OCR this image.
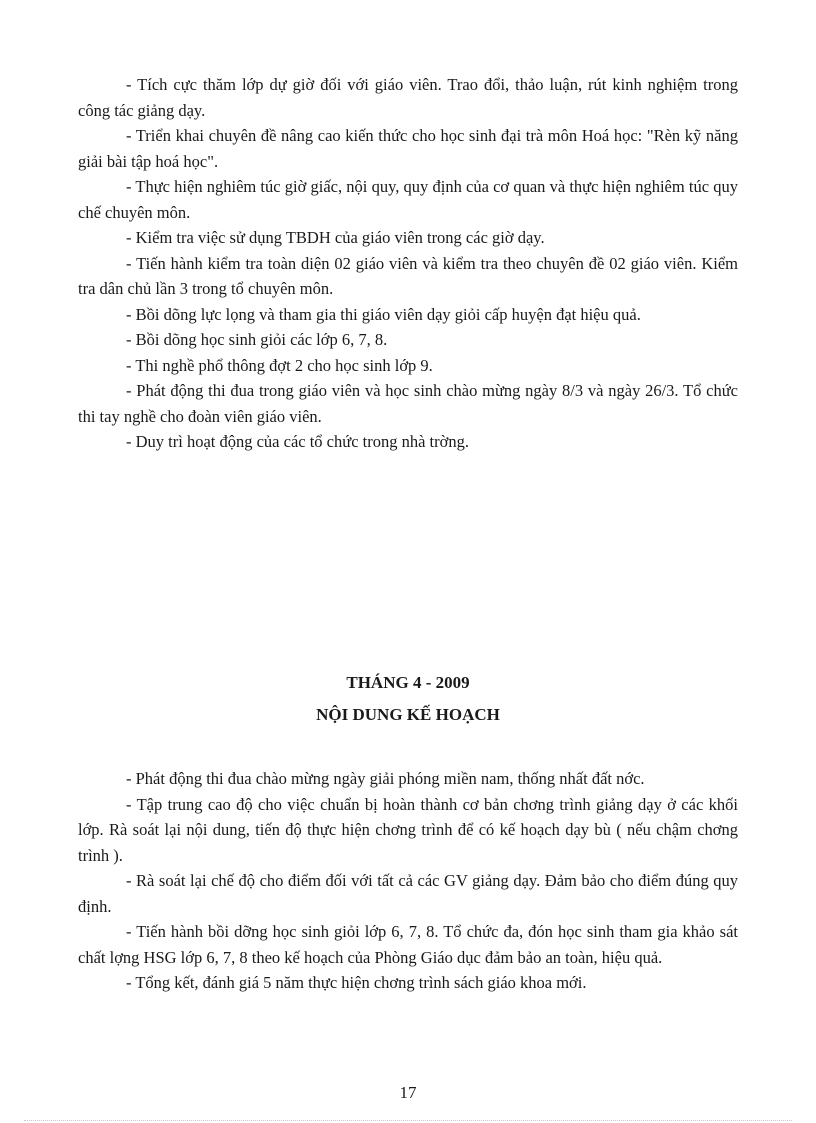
- Tích cực thăm lớp dự giờ đối với giáo viên. Trao đổi, thảo luận, rút kinh nghiệm trong công tác giảng dạy.

- Triển khai chuyên đề nâng cao kiến thức cho học sinh đại trà môn Hoá học: "Rèn kỹ năng giải bài tập hoá học".

- Thực hiện nghiêm túc giờ giấc, nội quy, quy định của cơ quan và thực hiện nghiêm túc quy chế chuyên môn.

- Kiểm tra việc sử dụng TBDH của giáo viên trong các giờ dạy.

- Tiến hành kiểm tra toàn diện 02 giáo viên và kiểm tra theo chuyên đề 02 giáo viên. Kiểm tra dân chủ lần 3 trong tổ chuyên môn.

- Bồi dõng lực lọng và tham gia thi giáo viên dạy giỏi cấp huyện đạt hiệu quả.

- Bồi dõng học sinh giỏi các lớp 6, 7, 8.

- Thi nghề phổ thông đợt 2 cho học sinh lớp 9.

- Phát động thi đua trong giáo viên và học sinh chào mừng ngày 8/3 và ngày 26/3. Tổ chức thi tay nghề cho đoàn viên giáo viên.

- Duy trì hoạt động của các tổ chức trong nhà trờng.

THÁNG 4 - 2009
NỘI DUNG KẾ HOẠCH

- Phát động thi đua chào mừng ngày giải phóng miền nam, thống nhất đất nớc.

- Tập trung cao độ cho việc chuẩn bị hoàn thành cơ bản chơng trình giảng dạy ở các khối lớp. Rà soát lại nội dung, tiến độ thực hiện chơng trình để có kế hoạch dạy bù ( nếu chậm chơng trình ).

- Rà soát lại chế độ cho điểm đối với tất cả các GV giảng dạy. Đảm bảo cho điểm đúng quy định.

- Tiến hành bồi dỡng học sinh giỏi lớp 6, 7, 8. Tổ chức đa, đón học sinh tham gia khảo sát chất lợng HSG lớp 6, 7, 8 theo kế hoạch của Phòng Giáo dục đảm bảo an toàn, hiệu quả.

- Tổng kết, đánh giá 5 năm thực hiện chơng trình sách giáo khoa mới.

17
